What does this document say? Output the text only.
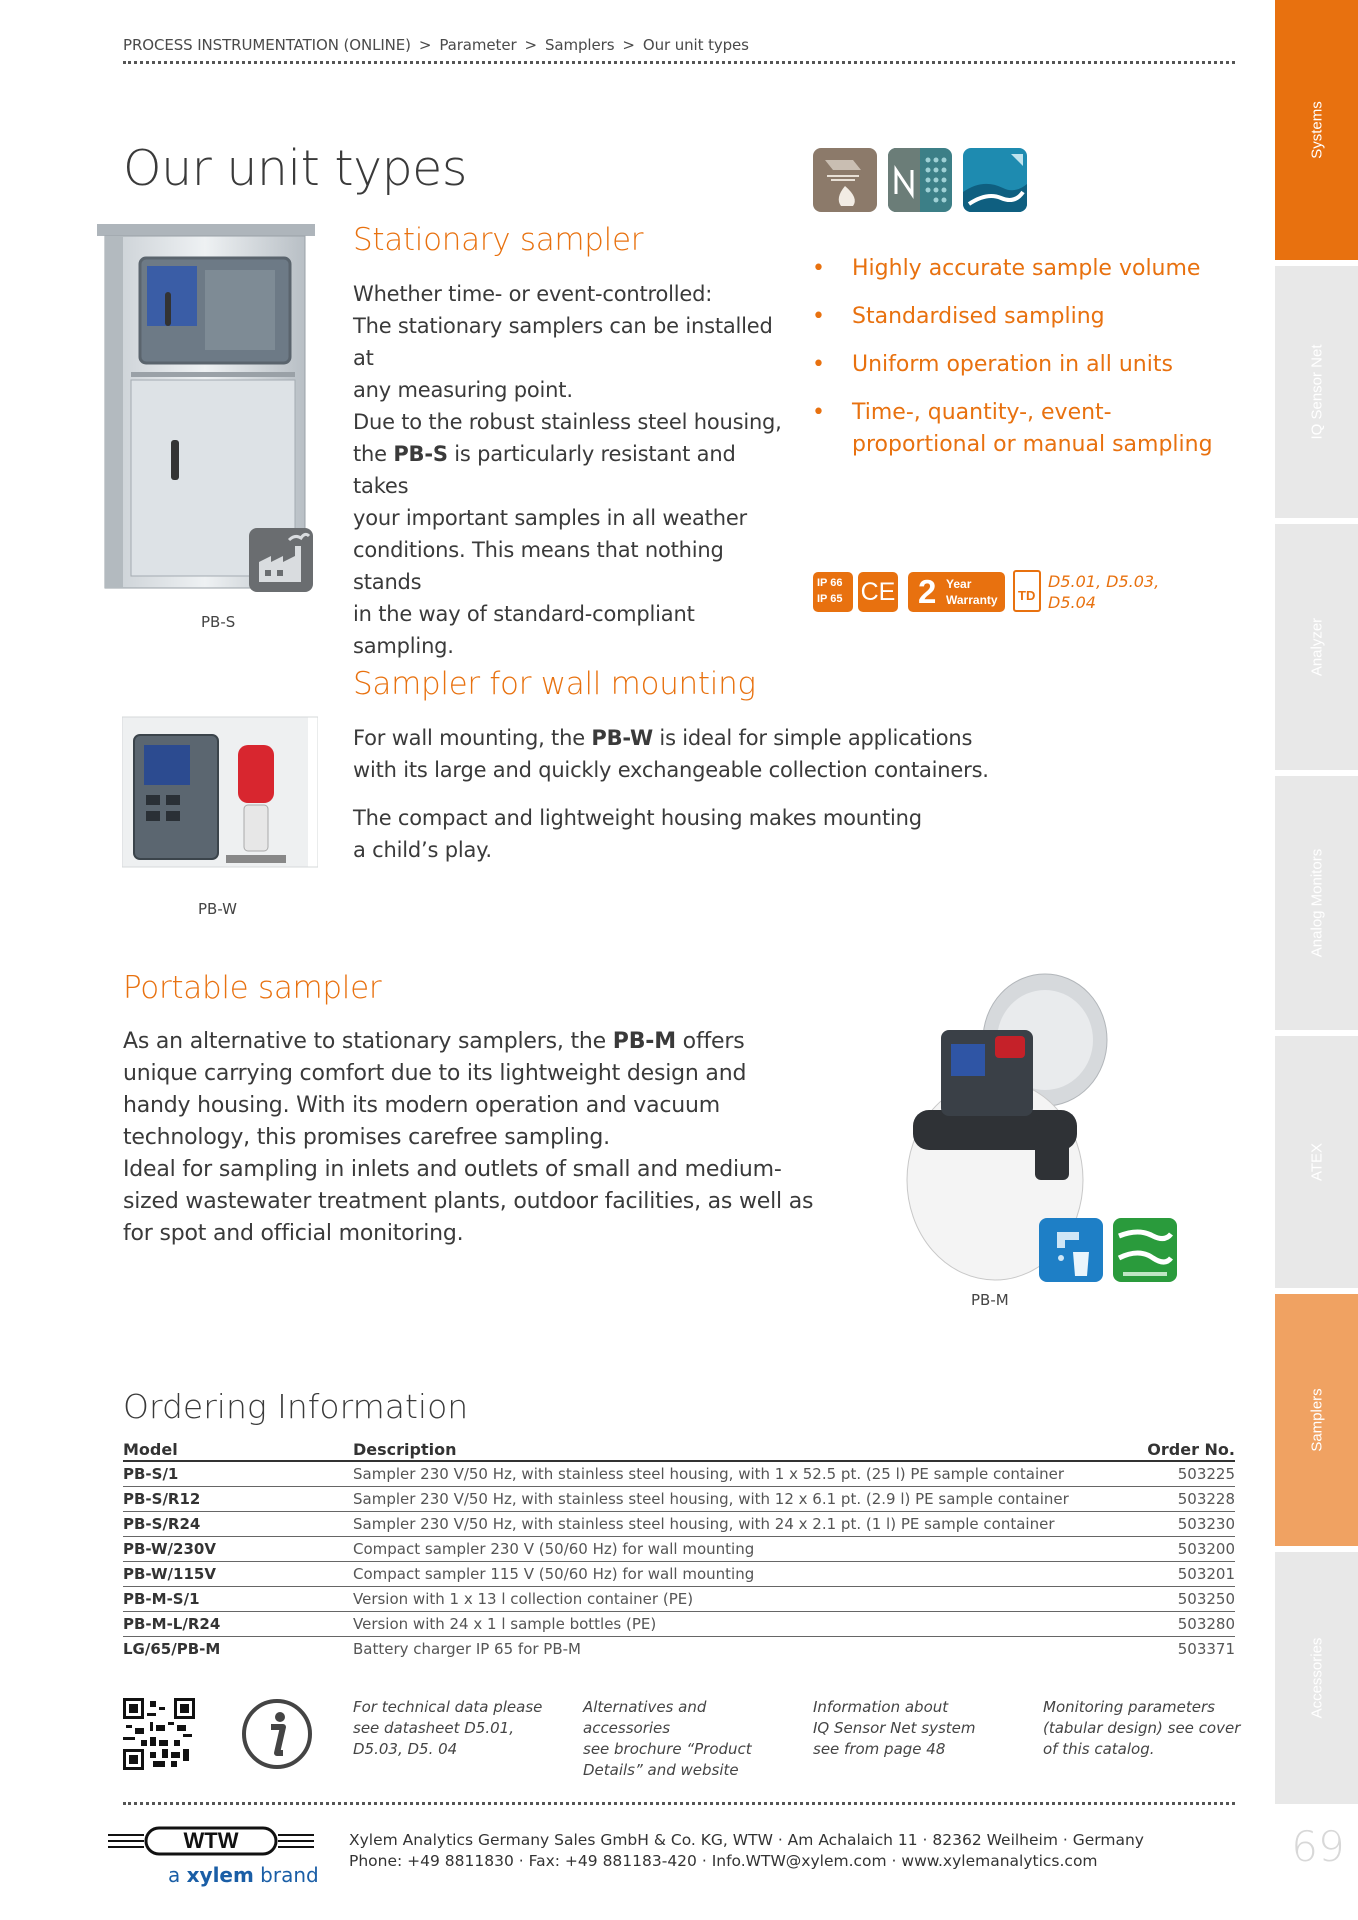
PROCESS INSTRUMENTATION (ONLINE) > Parameter > Samplers > Our unit types
Systems
IQ Sensor Net
Analyzer
Analog Monitors
ATEX
Samplers
Accessories
Our unit types
PB-S
Stationary sampler
Whether time- or event-controlled:
The stationary samplers can be installed at
any measuring point.
Due to the robust stainless steel housing,
the PB-S is particularly resistant and takes
your important samples in all weather
conditions. This means that nothing stands
in the way of standard-compliant sampling.
• Highly accurate sample volume
• Standardised sampling
• Uniform operation in all units
• Time-, quantity-, event-proportional or manual sampling
IP 66
IP 65 CE 2 Year
Warranty TD
D5.01, D5.03,
D5.04
PB-W
Sampler for wall mounting
For wall mounting, the PB-W is ideal for simple applications
with its large and quickly exchangeable collection containers.
The compact and lightweight housing makes mounting
a child’s play.
Portable sampler
As an alternative to stationary samplers, the PB-M offers
unique carrying comfort due to its lightweight design and
handy housing. With its modern operation and vacuum
technology, this promises carefree sampling.
Ideal for sampling in inlets and outlets of small and medium-
sized wastewater treatment plants, outdoor facilities, as well as
for spot and official monitoring.
PB-M
Ordering Information
Model	Description	Order No.
PB-S/1	Sampler 230 V/50 Hz, with stainless steel housing, with 1 x 52.5 pt. (25 l) PE sample container	503225
PB-S/R12	Sampler 230 V/50 Hz, with stainless steel housing, with 12 x 6.1 pt. (2.9 l) PE sample container	503228
PB-S/R24	Sampler 230 V/50 Hz, with stainless steel housing, with 24 x 2.1 pt. (1 l) PE sample container	503230
PB-W/230V	Compact sampler 230 V (50/60 Hz) for wall mounting	503200
PB-W/115V	Compact sampler 115 V (50/60 Hz) for wall mounting	503201
PB-M-S/1	Version with 1 x 13 l collection container (PE)	503250
PB-M-L/R24	Version with 24 x 1 l sample bottles (PE)	503280
LG/65/PB-M	Battery charger IP 65 for PB-M	503371
For technical data please
see datasheet D5.01,
D5.03, D5. 04
Alternatives and accessories
see brochure “Product
Details” and website
Information about
IQ Sensor Net system
see from page 48
Monitoring parameters
(tabular design) see cover
of this catalog.
WTW
a xylem brand
Xylem Analytics Germany Sales GmbH & Co. KG, WTW · Am Achalaich 11 · 82362 Weilheim · Germany
Phone: +49 8811830 · Fax: +49 881183-420 · Info.WTW@xylem.com · www.xylemanalytics.com	69
